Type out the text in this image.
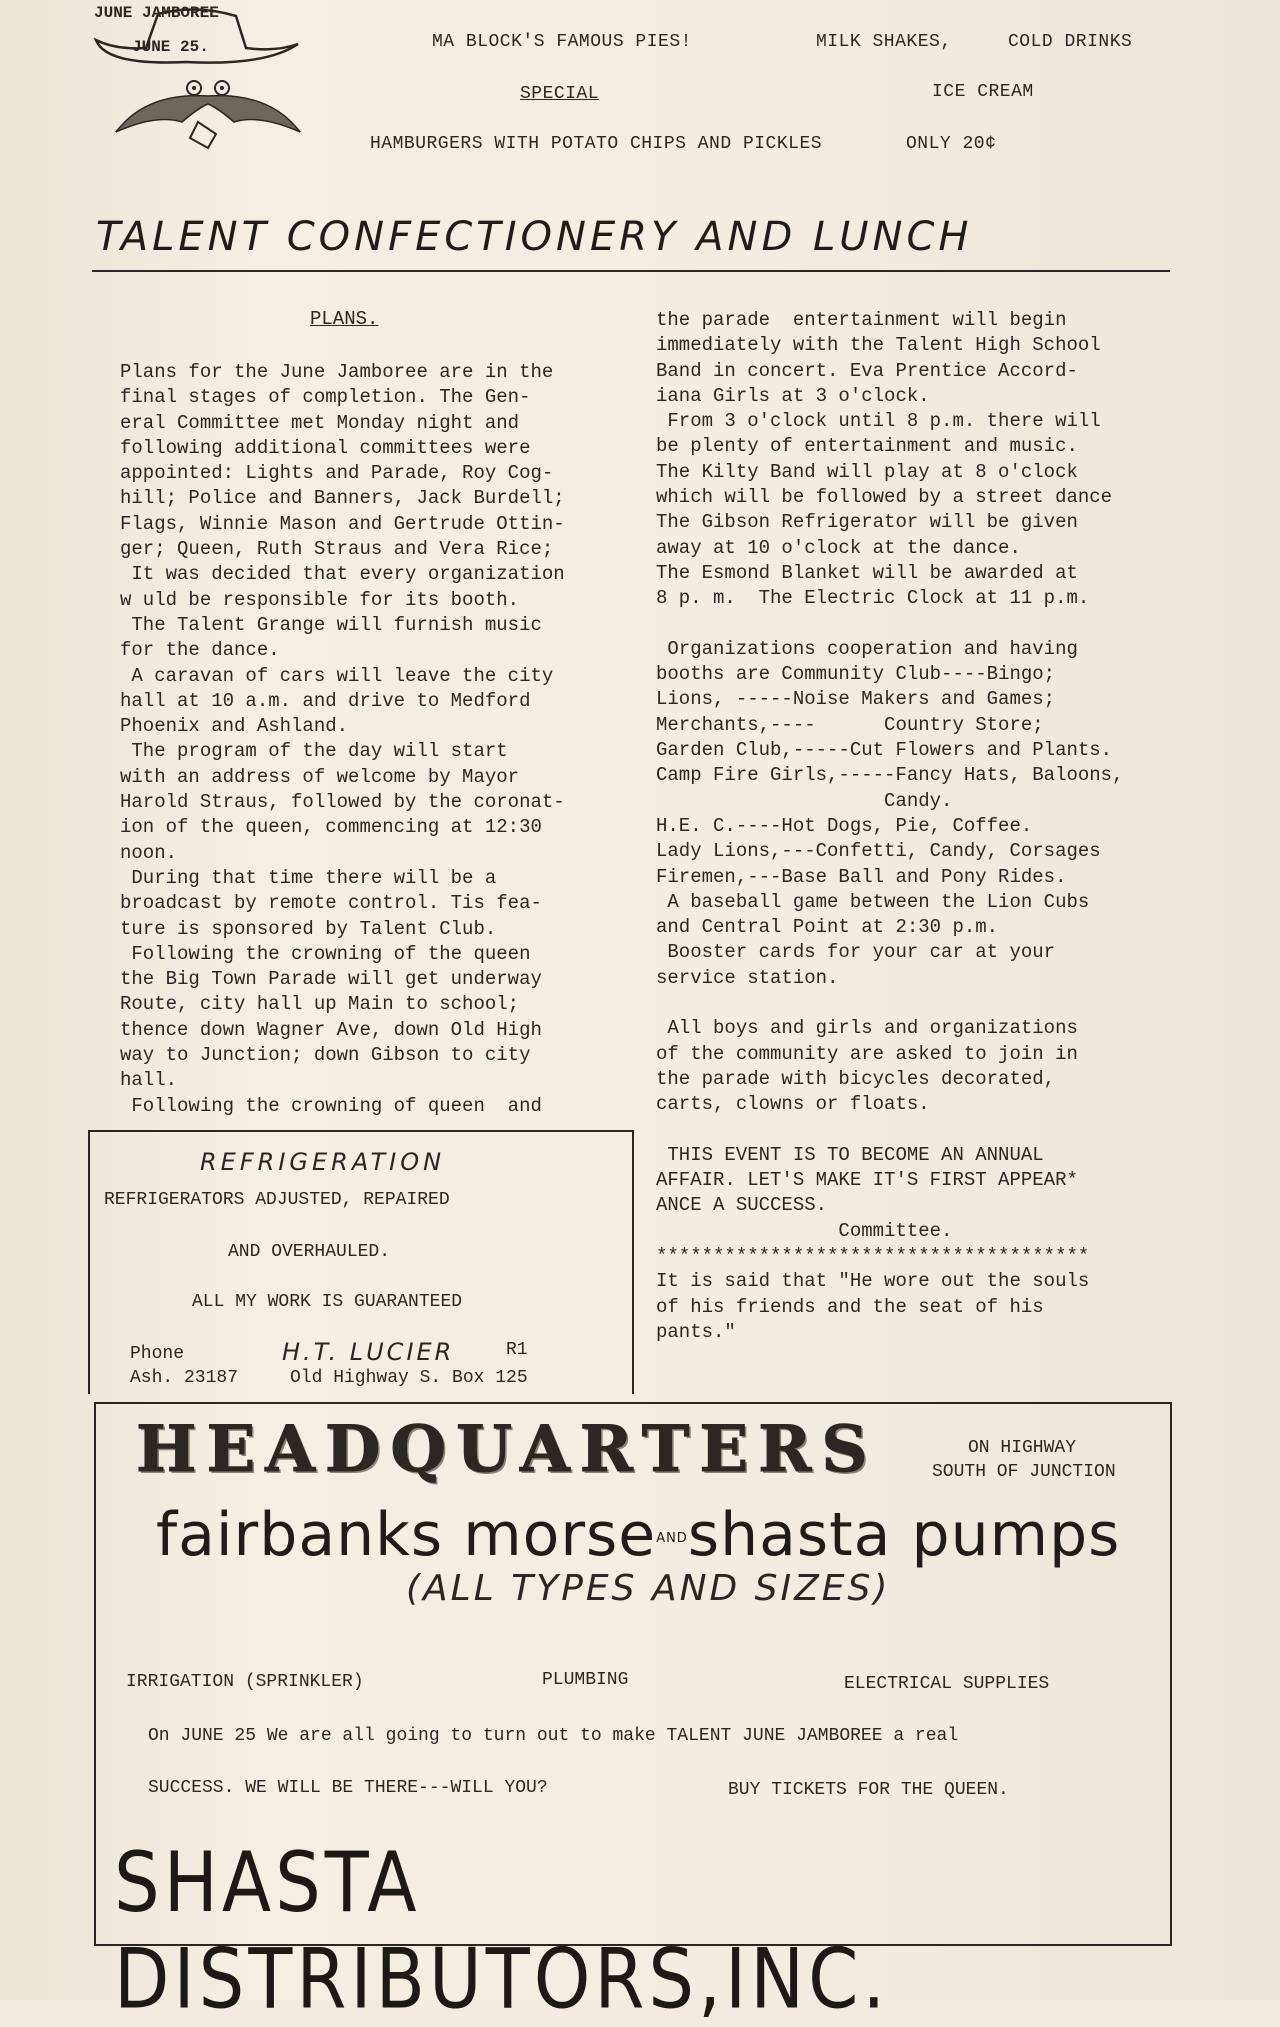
JUNE JAMBOREE
JUNE 25.	MA BLOCK'S FAMOUS PIES!	MILK SHAKES,	COLD DRINKS
SPECIAL	ICE CREAM
HAMBURGERS WITH POTATO CHIPS AND PICKLES	ONLY 20¢
TALENT CONFECTIONERY AND LUNCH
PLANS.
Plans for the June Jamboree are in the
final stages of completion. The Gen-
eral Committee met Monday night and
following additional committees were
appointed: Lights and Parade, Roy Cog-
hill; Police and Banners, Jack Burdell;
Flags, Winnie Mason and Gertrude Ottin-
ger; Queen, Ruth Straus and Vera Rice;
It was decided that every organization
w uld be responsible for its booth.
The Talent Grange will furnish music
for the dance.
A caravan of cars will leave the city
hall at 10 a.m. and drive to Medford
Phoenix and Ashland.
The program of the day will start
with an address of welcome by Mayor
Harold Straus, followed by the coronat-
ion of the queen, commencing at 12:30
noon.
During that time there will be a
broadcast by remote control. Tis fea-
ture is sponsored by Talent Club.
Following the crowning of the queen
the Big Town Parade will get underway
Route, city hall up Main to school;
thence down Wagner Ave, down Old High
way to Junction; down Gibson to city
hall.
Following the crowning of queen  and
the parade  entertainment will begin
immediately with the Talent High School
Band in concert. Eva Prentice Accord-
iana Girls at 3 o'clock.
From 3 o'clock until 8 p.m. there will
be plenty of entertainment and music.
The Kilty Band will play at 8 o'clock
which will be followed by a street dance
The Gibson Refrigerator will be given
away at 10 o'clock at the dance.
The Esmond Blanket will be awarded at
8 p. m.  The Electric Clock at 11 p.m.

Organizations cooperation and having
booths are Community Club----Bingo;
Lions, -----Noise Makers and Games;
Merchants,----      Country Store;
Garden Club,-----Cut Flowers and Plants.
Camp Fire Girls,-----Fancy Hats, Baloons,
Candy.
H.E. C.----Hot Dogs, Pie, Coffee.
Lady Lions,---Confetti, Candy, Corsages
Firemen,---Base Ball and Pony Rides.
A baseball game between the Lion Cubs
and Central Point at 2:30 p.m.
Booster cards for your car at your
service station.

All boys and girls and organizations
of the community are asked to join in
the parade with bicycles decorated,
carts, clowns or floats.

THIS EVENT IS TO BECOME AN ANNUAL
AFFAIR. LET'S MAKE IT'S FIRST APPEAR*
ANCE A SUCCESS.
Committee.
**************************************
It is said that "He wore out the souls
of his friends and the seat of his
pants."
REFRIGERATION
REFRIGERATORS ADJUSTED, REPAIRED
AND OVERHAULED.
ALL MY WORK IS GUARANTEED
Phone
Ash. 23187
H.T. LUCIER	R1
Old Highway S. Box 125
HEADQUARTERS	ON HIGHWAY
SOUTH OF JUNCTION
fairbanks morseANDshasta pumps
(ALL TYPES AND SIZES)
IRRIGATION (SPRINKLER)	PLUMBING	ELECTRICAL SUPPLIES
On JUNE 25 We are all going to turn out to make TALENT JUNE JAMBOREE a real
SUCCESS. WE WILL BE THERE---WILL YOU?	BUY TICKETS FOR THE QUEEN.
SHASTA DISTRIBUTORS,INC.
